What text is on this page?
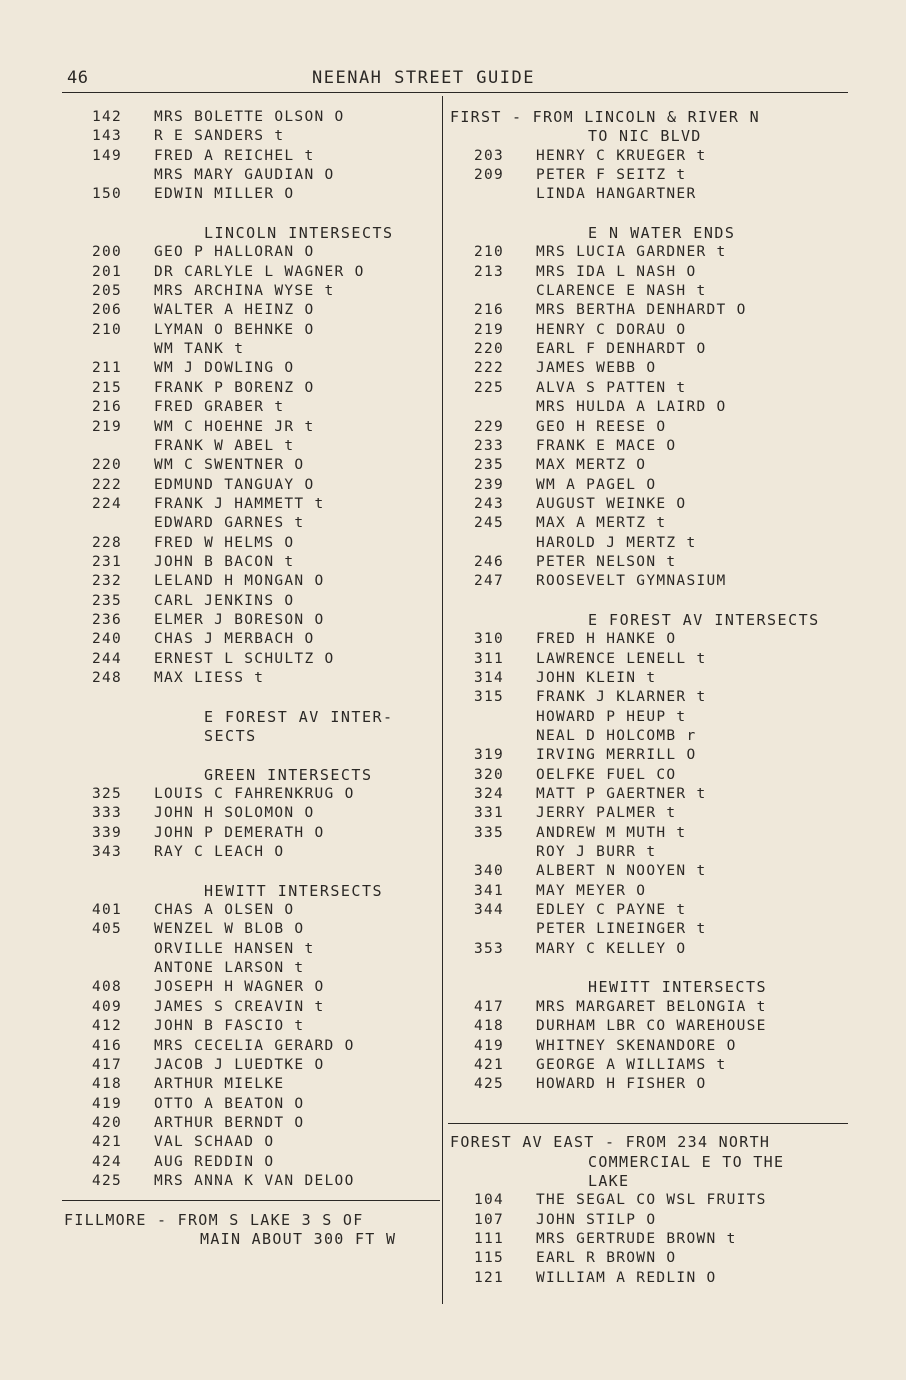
46	NEENAH STREET GUIDE
142 MRS BOLETTE OLSON O
143 R E SANDERS t
149 FRED A REICHEL t
MRS MARY GAUDIAN O
150 EDWIN MILLER O
LINCOLN INTERSECTS
200 GEO P HALLORAN O
201 DR CARLYLE L WAGNER O
205 MRS ARCHINA WYSE t
206 WALTER A HEINZ O
210 LYMAN O BEHNKE O
WM TANK t
211 WM J DOWLING O
215 FRANK P BORENZ O
216 FRED GRABER t
219 WM C HOEHNE JR t
FRANK W ABEL t
220 WM C SWENTNER O
222 EDMUND TANGUAY O
224 FRANK J HAMMETT t
EDWARD GARNES t
228 FRED W HELMS O
231 JOHN B BACON t
232 LELAND H MONGAN O
235 CARL JENKINS O
236 ELMER J BORESON O
240 CHAS J MERBACH O
244 ERNEST L SCHULTZ O
248 MAX LIESS t
E FOREST AV INTER-
SECTS
GREEN INTERSECTS
325 LOUIS C FAHRENKRUG O
333 JOHN H SOLOMON O
339 JOHN P DEMERATH O
343 RAY C LEACH O
HEWITT INTERSECTS
401 CHAS A OLSEN O
405 WENZEL W BLOB O
ORVILLE HANSEN t
ANTONE LARSON t
408 JOSEPH H WAGNER O
409 JAMES S CREAVIN t
412 JOHN B FASCIO t
416 MRS CECELIA GERARD O
417 JACOB J LUEDTKE O
418 ARTHUR MIELKE
419 OTTO A BEATON O
420 ARTHUR BERNDT O
421 VAL SCHAAD O
424 AUG REDDIN O
425 MRS ANNA K VAN DELOO
FILLMORE - FROM S LAKE 3 S OF
MAIN ABOUT 300 FT W
FIRST - FROM LINCOLN & RIVER N
TO NIC BLVD
203 HENRY C KRUEGER t
209 PETER F SEITZ t
LINDA HANGARTNER
E N WATER ENDS
210 MRS LUCIA GARDNER t
213 MRS IDA L NASH O
CLARENCE E NASH t
216 MRS BERTHA DENHARDT O
219 HENRY C DORAU O
220 EARL F DENHARDT O
222 JAMES WEBB O
225 ALVA S PATTEN t
MRS HULDA A LAIRD O
229 GEO H REESE O
233 FRANK E MACE O
235 MAX MERTZ O
239 WM A PAGEL O
243 AUGUST WEINKE O
245 MAX A MERTZ t
HAROLD J MERTZ t
246 PETER NELSON t
247 ROOSEVELT GYMNASIUM
E FOREST AV INTERSECTS
310 FRED H HANKE O
311 LAWRENCE LENELL t
314 JOHN KLEIN t
315 FRANK J KLARNER t
HOWARD P HEUP t
NEAL D HOLCOMB r
319 IRVING MERRILL O
320 OELFKE FUEL CO
324 MATT P GAERTNER t
331 JERRY PALMER t
335 ANDREW M MUTH t
ROY J BURR t
340 ALBERT N NOOYEN t
341 MAY MEYER O
344 EDLEY C PAYNE t
PETER LINEINGER t
353 MARY C KELLEY O
HEWITT INTERSECTS
417 MRS MARGARET BELONGIA t
418 DURHAM LBR CO WAREHOUSE
419 WHITNEY SKENANDORE O
421 GEORGE A WILLIAMS t
425 HOWARD H FISHER O
FOREST AV EAST - FROM 234 NORTH
COMMERCIAL E TO THE
LAKE
104 THE SEGAL CO WSL FRUITS
107 JOHN STILP O
111 MRS GERTRUDE BROWN t
115 EARL R BROWN O
121 WILLIAM A REDLIN O
